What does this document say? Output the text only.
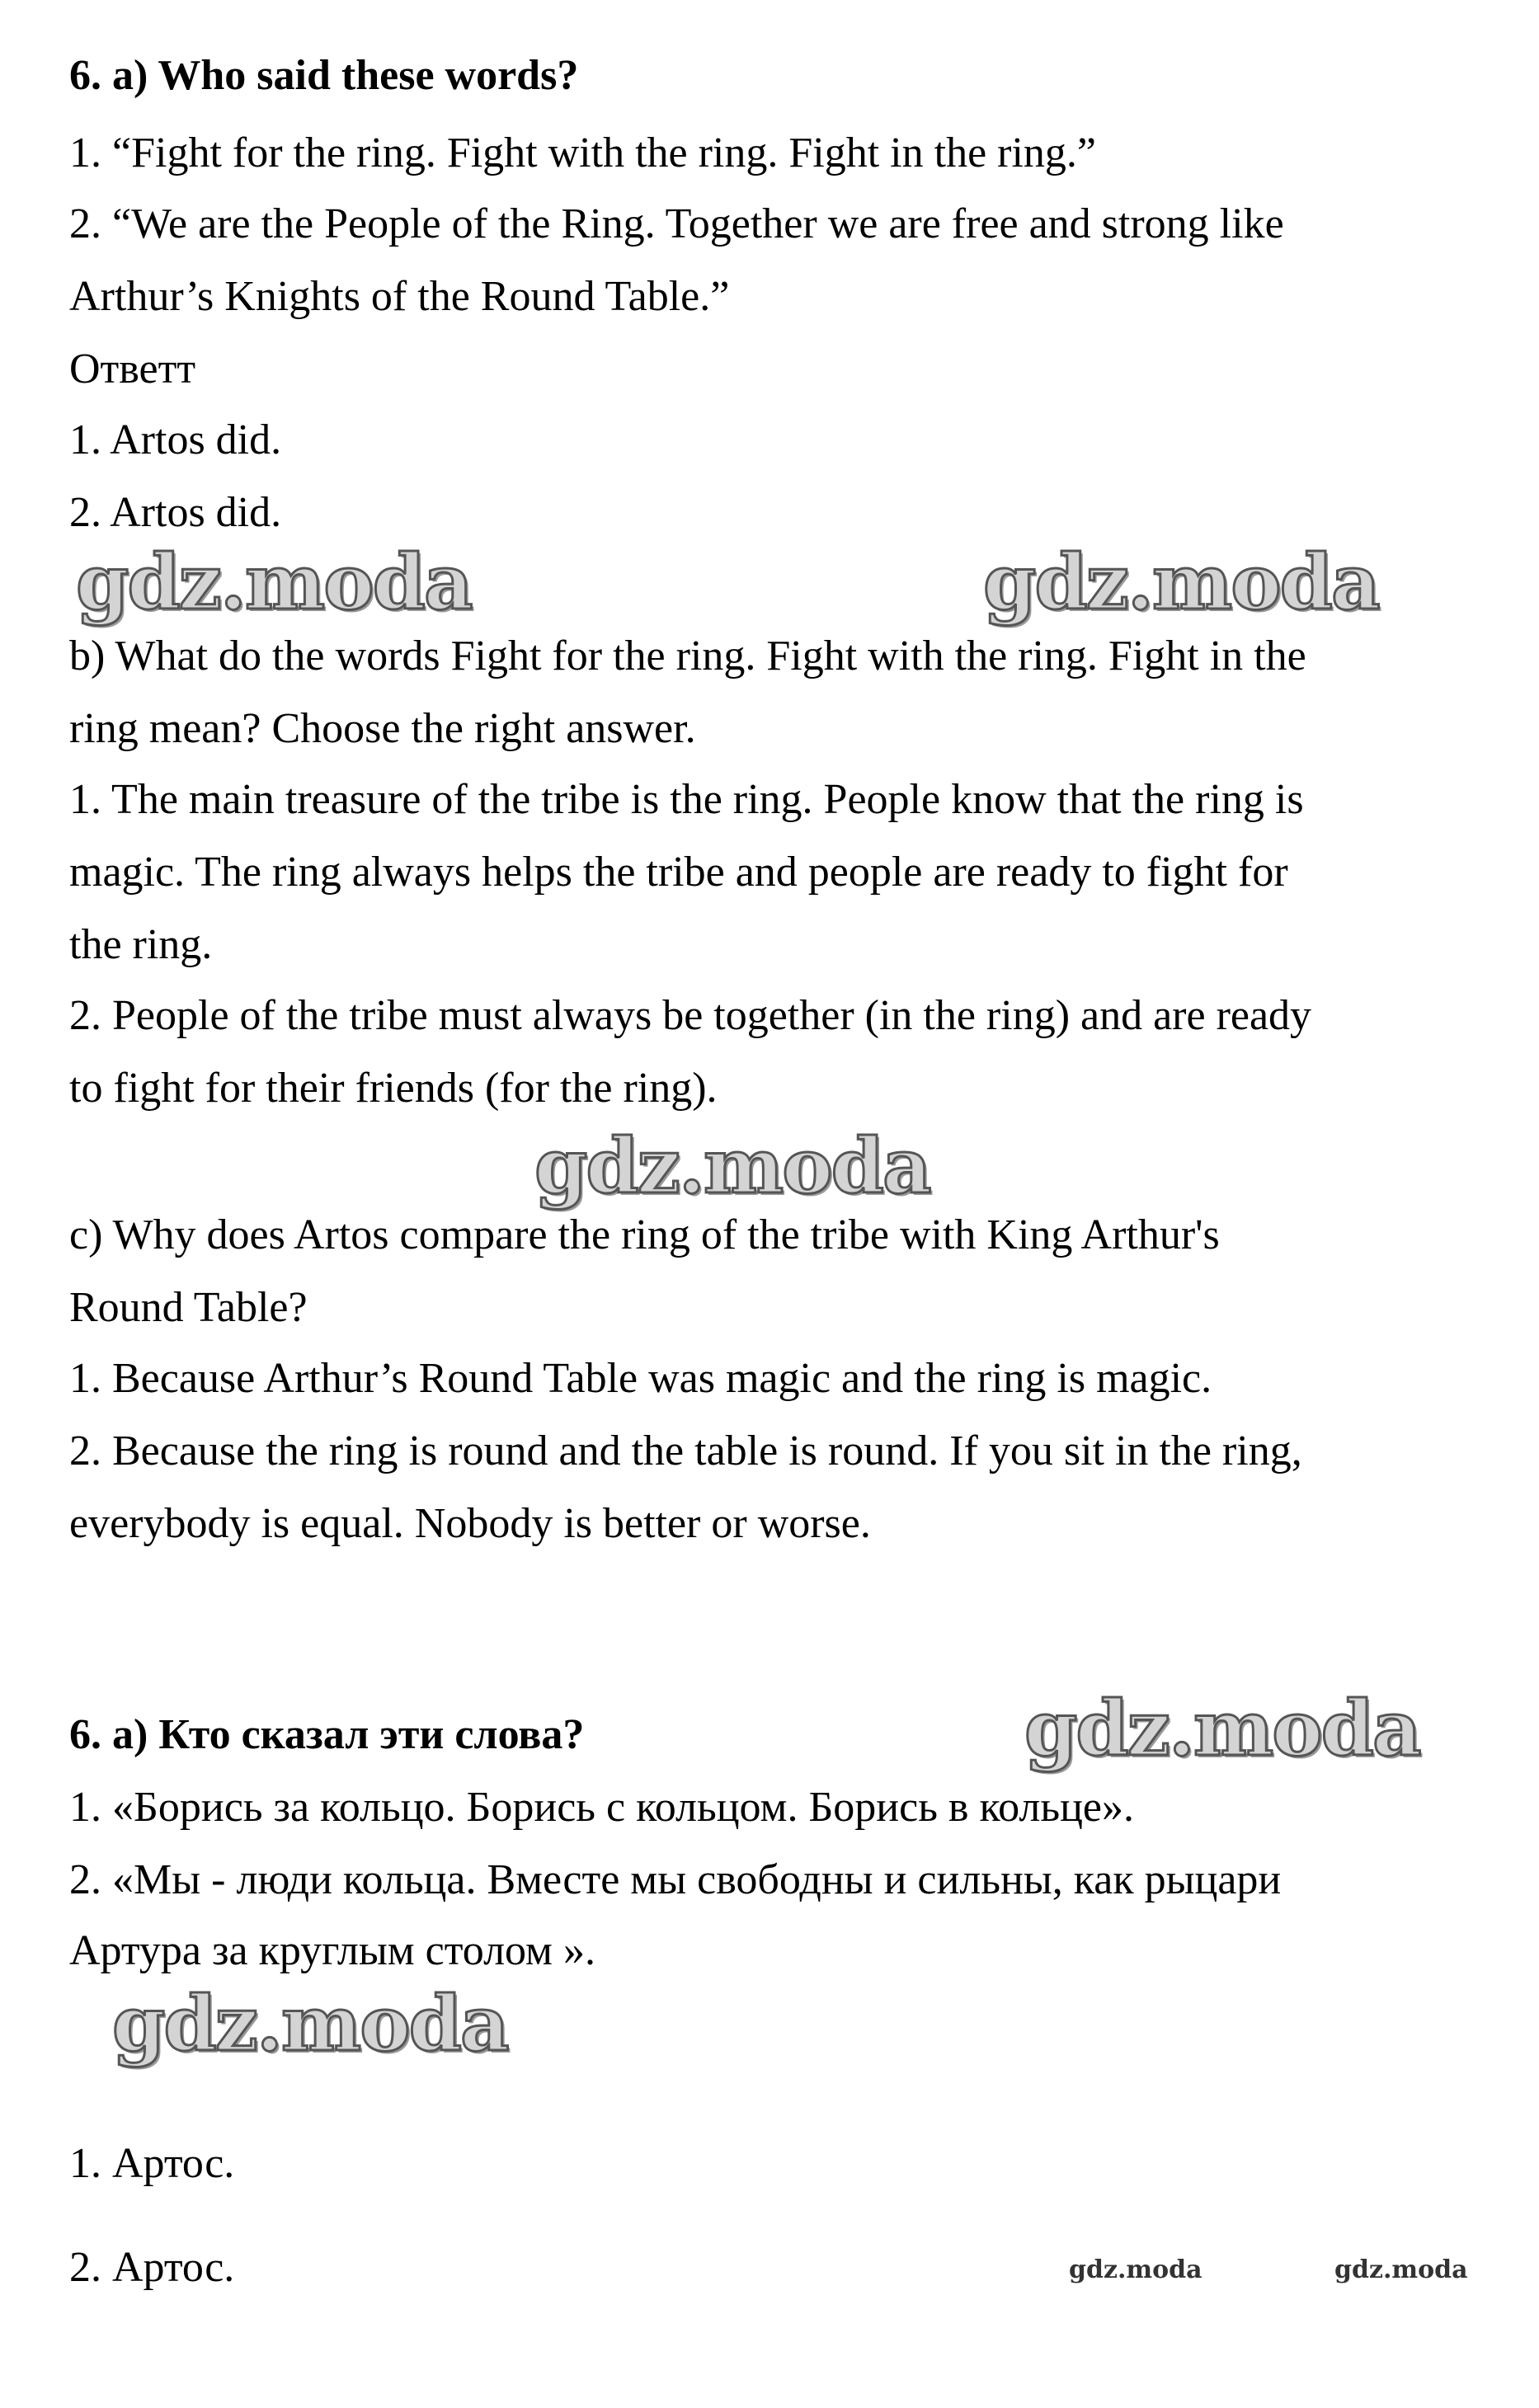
6. a) Who said these words?
1. “Fight for the ring. Fight with the ring. Fight in the ring.”
2. “We are the People of the Ring. Together we are free and strong like
Arthur’s Knights of the Round Table.”
Ответт
1. Artos did.
2. Artos did.
gdz.moda	gdz.moda
b) What do the words Fight for the ring. Fight with the ring. Fight in the
ring mean? Choose the right answer.
1. The main treasure of the tribe is the ring. People know that the ring is
magic. The ring always helps the tribe and people are ready to fight for
the ring.
2. People of the tribe must always be together (in the ring) and are ready
to fight for their friends (for the ring).
gdz.moda
c) Why does Artos compare the ring of the tribe with King Arthur's
Round Table?
1. Because Arthur’s Round Table was magic and the ring is magic.
2. Because the ring is round and the table is round. If you sit in the ring,
everybody is equal. Nobody is better or worse.
6. а) Кто сказал эти слова?	gdz.moda
1. «Борись за кольцо. Борись с кольцом. Борись в кольце».
2. «Мы - люди кольца. Вместе мы свободны и сильны, как рыцари
Артура за круглым столом ».
gdz.moda
1. Артос.
2. Артос.	gdz.moda	gdz.moda
